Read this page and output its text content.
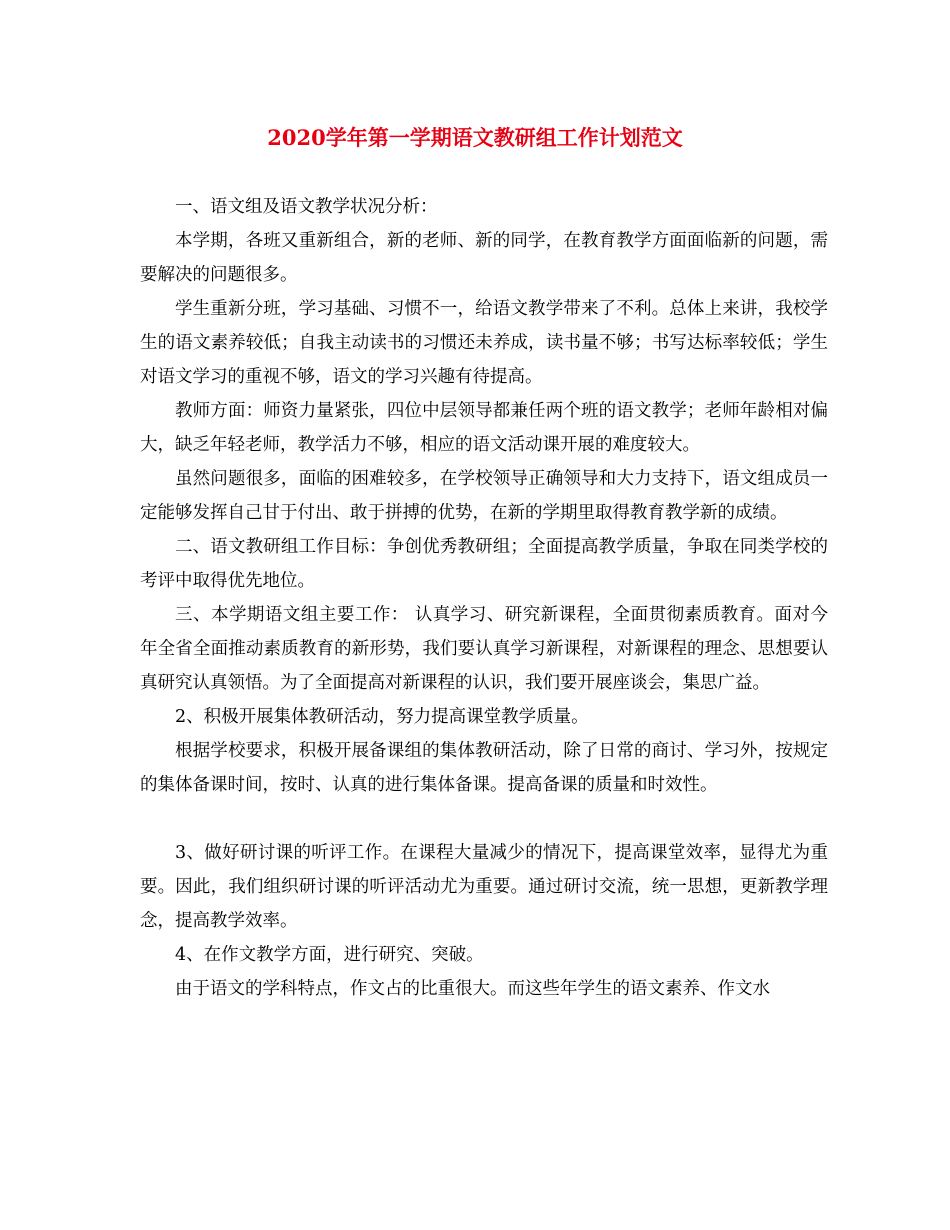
2020学年第一学期语文教研组工作计划范文

一、语文组及语文教学状况分析：

本学期，各班又重新组合，新的老师、新的同学，在教育教学方面面临新的问题，需要解决的问题很多。

学生重新分班，学习基础、习惯不一，给语文教学带来了不利。总体上来讲，我校学生的语文素养较低；自我主动读书的习惯还未养成，读书量不够；书写达标率较低；学生对语文学习的重视不够，语文的学习兴趣有待提高。

教师方面：师资力量紧张，四位中层领导都兼任两个班的语文教学；老师年龄相对偏大，缺乏年轻老师，教学活力不够，相应的语文活动课开展的难度较大。

虽然问题很多，面临的困难较多，在学校领导正确领导和大力支持下，语文组成员一定能够发挥自己甘于付出、敢于拼搏的优势，在新的学期里取得教育教学新的成绩。

二、语文教研组工作目标：争创优秀教研组；全面提高教学质量，争取在同类学校的考评中取得优先地位。

三、本学期语文组主要工作： 认真学习、研究新课程，全面贯彻素质教育。面对今年全省全面推动素质教育的新形势，我们要认真学习新课程，对新课程的理念、思想要认真研究认真领悟。为了全面提高对新课程的认识，我们要开展座谈会，集思广益。

2、积极开展集体教研活动，努力提高课堂教学质量。

根据学校要求，积极开展备课组的集体教研活动，除了日常的商讨、学习外，按规定的集体备课时间，按时、认真的进行集体备课。提高备课的质量和时效性。

3、做好研讨课的听评工作。在课程大量减少的情况下，提高课堂效率，显得尤为重要。因此，我们组织研讨课的听评活动尤为重要。通过研讨交流，统一思想，更新教学理念，提高教学效率。

4、在作文教学方面，进行研究、突破。

由于语文的学科特点，作文占的比重很大。而这些年学生的语文素养、作文水
